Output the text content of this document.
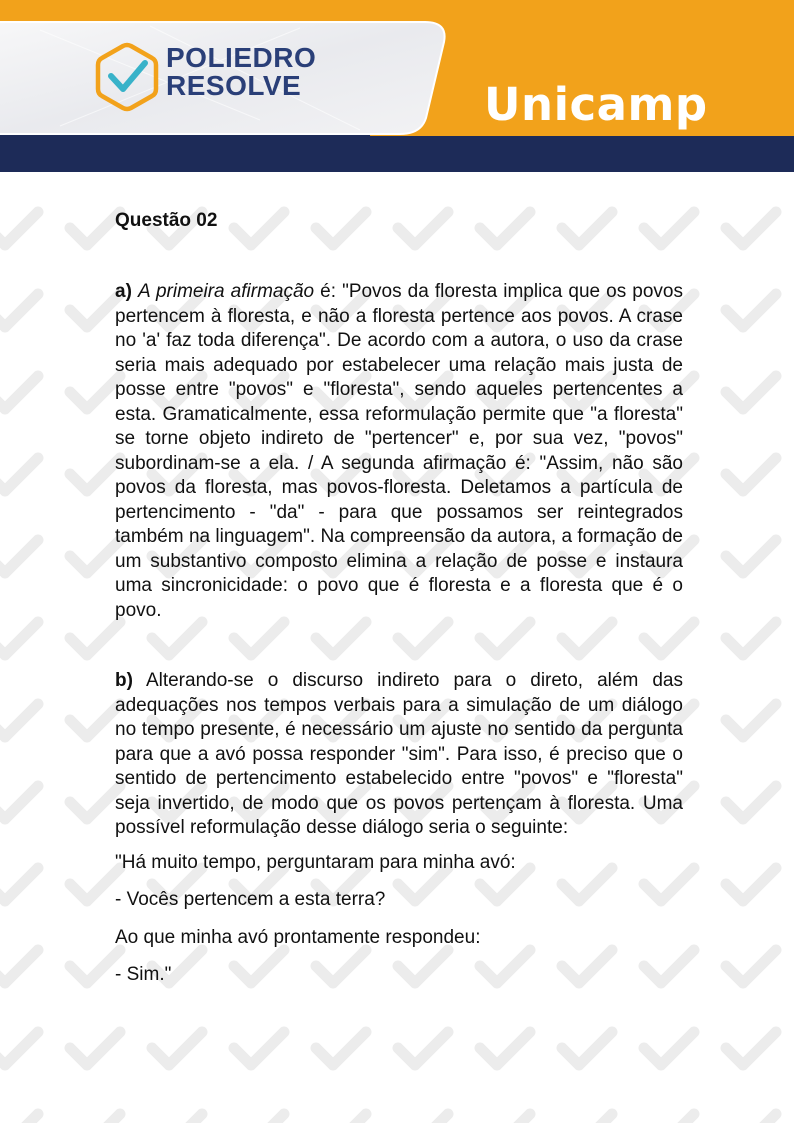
POLIEDRO
RESOLVE	Unicamp

Questão 02

a) A primeira afirmação é: "Povos da floresta implica que os povos pertencem à floresta, e não a floresta pertence aos povos. A crase no 'a' faz toda diferença". De acordo com a autora, o uso da crase seria mais adequado por estabelecer uma relação mais justa de posse entre "povos" e "floresta", sendo aqueles pertencentes a esta. Gramaticalmente, essa reformulação permite que "a floresta" se torne objeto indireto de "pertencer" e, por sua vez, "povos" subordinam-se a ela. / A segunda afirmação é: "Assim, não são povos da floresta, mas povos-floresta. Deletamos a partícula de pertencimento - "da" - para que possamos ser reintegrados também na linguagem". Na compreensão da autora, a formação de um substantivo composto elimina a relação de posse e instaura uma sincronicidade: o povo que é floresta e a floresta que é o povo.

b) Alterando-se o discurso indireto para o direto, além das adequações nos tempos verbais para a simulação de um diálogo no tempo presente, é necessário um ajuste no sentido da pergunta para que a avó possa responder "sim". Para isso, é preciso que o sentido de pertencimento estabelecido entre "povos" e "floresta" seja invertido, de modo que os povos pertençam à floresta. Uma possível reformulação desse diálogo seria o seguinte:

"Há muito tempo, perguntaram para minha avó:

- Vocês pertencem a esta terra?

Ao que minha avó prontamente respondeu:

- Sim."
